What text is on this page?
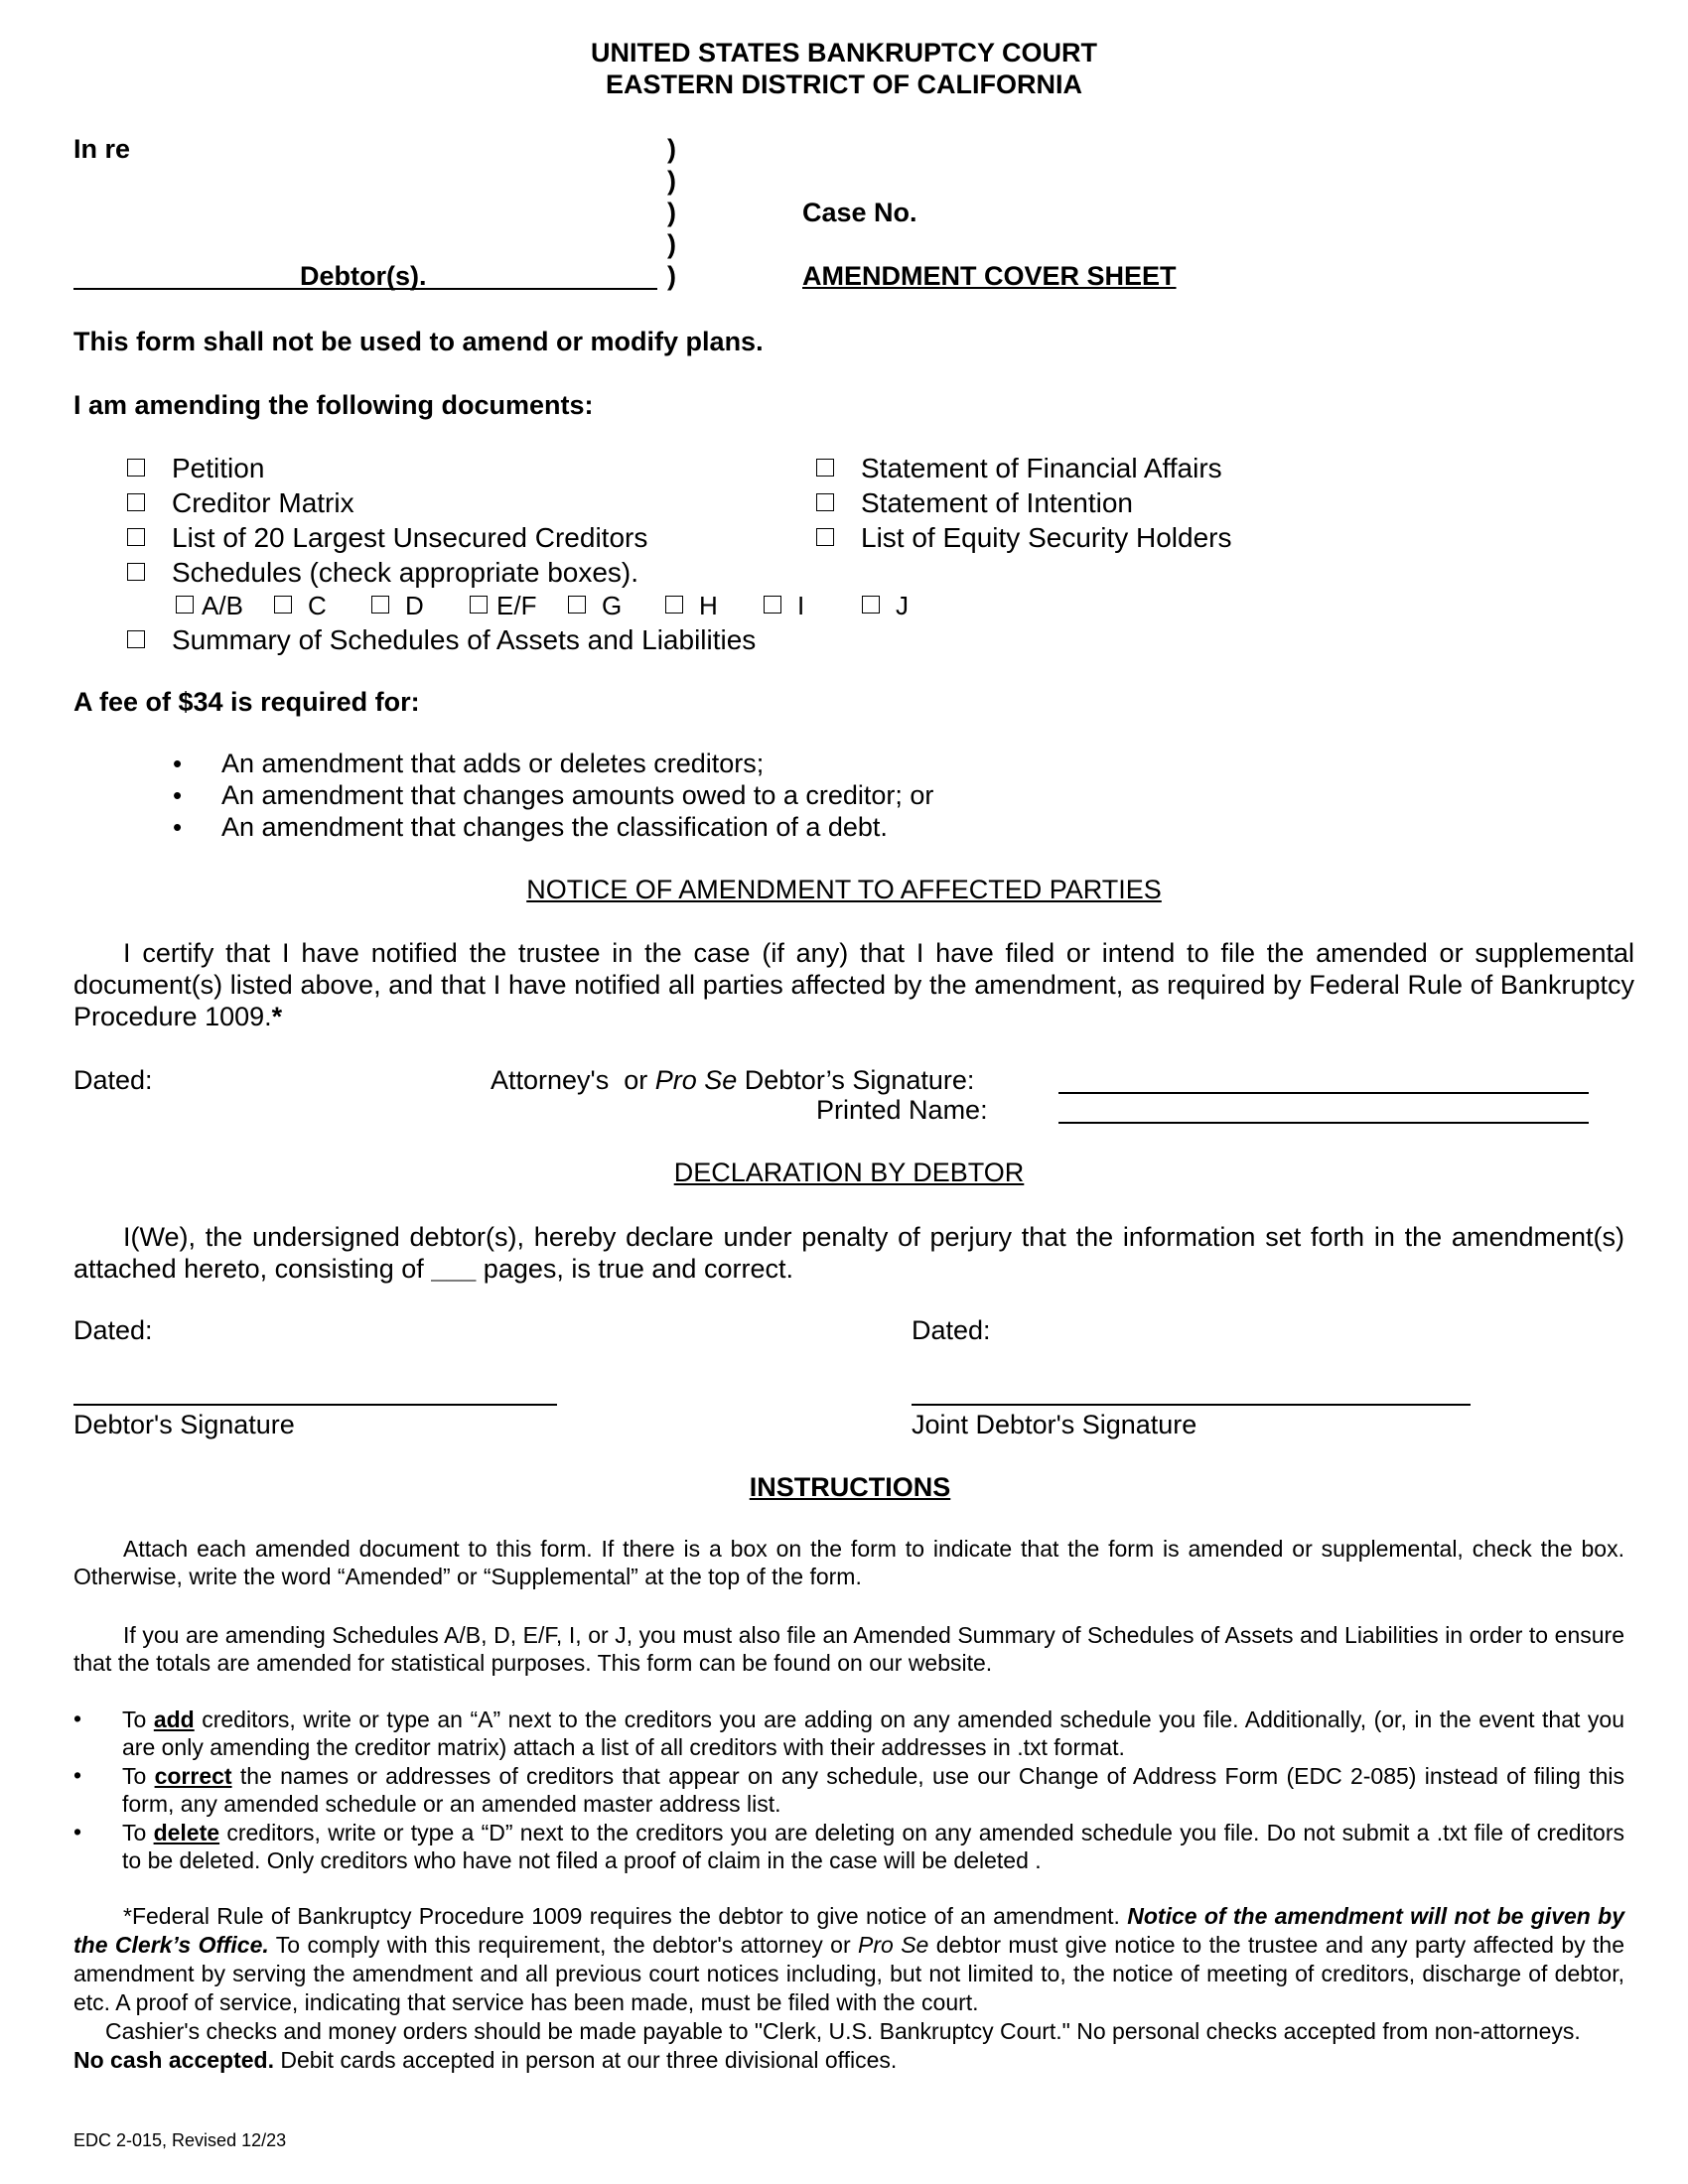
UNITED STATES BANKRUPTCY COURT
EASTERN DISTRICT OF CALIFORNIA
In re	)
)
)
)
)
Debtor(s).
Case No.
AMENDMENT COVER SHEET
This form shall not be used to amend or modify plans.
I am amending the following documents:
Petition
Creditor Matrix
List of 20 Largest Unsecured Creditors
Schedules (check appropriate boxes).
A/B	C	D	E/F	G	H	I	J
Summary of Schedules of Assets and Liabilities
Statement of Financial Affairs
Statement of Intention
List of Equity Security Holders
A fee of $34 is required for:
• An amendment that adds or deletes creditors;
• An amendment that changes amounts owed to a creditor; or
• An amendment that changes the classification of a debt.
NOTICE OF AMENDMENT TO AFFECTED PARTIES
I certify that I have notified the trustee in the case (if any) that I have filed or intend to file the amended or supplemental document(s) listed above, and that I have notified all parties affected by the amendment, as required by Federal Rule of Bankruptcy Procedure 1009.*
Dated:	Attorney's  or Pro Se Debtor’s Signature:
Printed Name:
DECLARATION BY DEBTOR
I(We), the undersigned debtor(s), hereby declare under penalty of perjury that the information set forth in the amendment(s) attached hereto, consisting of ___ pages, is true and correct.
Dated:	Dated:
Debtor's Signature	Joint Debtor's Signature
INSTRUCTIONS
Attach each amended document to this form. If there is a box on the form to indicate that the form is amended or supplemental, check the box. Otherwise, write the word “Amended” or “Supplemental” at the top of the form.
If you are amending Schedules A/B, D, E/F, I, or J, you must also file an Amended Summary of Schedules of Assets and Liabilities in order to ensure that the totals are amended for statistical purposes. This form can be found on our website.
• To add creditors, write or type an “A” next to the creditors you are adding on any amended schedule you file. Additionally, (or, in the event that you are only amending the creditor matrix) attach a list of all creditors with their addresses in .txt format.
• To correct the names or addresses of creditors that appear on any schedule, use our Change of Address Form (EDC 2-085) instead of filing this form, any amended schedule or an amended master address list.
• To delete creditors, write or type a “D” next to the creditors you are deleting on any amended schedule you file. Do not submit a .txt file of creditors to be deleted. Only creditors who have not filed a proof of claim in the case will be deleted .
*Federal Rule of Bankruptcy Procedure 1009 requires the debtor to give notice of an amendment. Notice of the amendment will not be given by the Clerk’s Office. To comply with this requirement, the debtor's attorney or Pro Se debtor must give notice to the trustee and any party affected by the amendment by serving the amendment and all previous court notices including, but not limited to, the notice of meeting of creditors, discharge of debtor, etc. A proof of service, indicating that service has been made, must be filed with the court.
Cashier's checks and money orders should be made payable to "Clerk, U.S. Bankruptcy Court." No personal checks accepted from non-attorneys. No cash accepted. Debit cards accepted in person at our three divisional offices.
EDC 2-015, Revised 12/23
